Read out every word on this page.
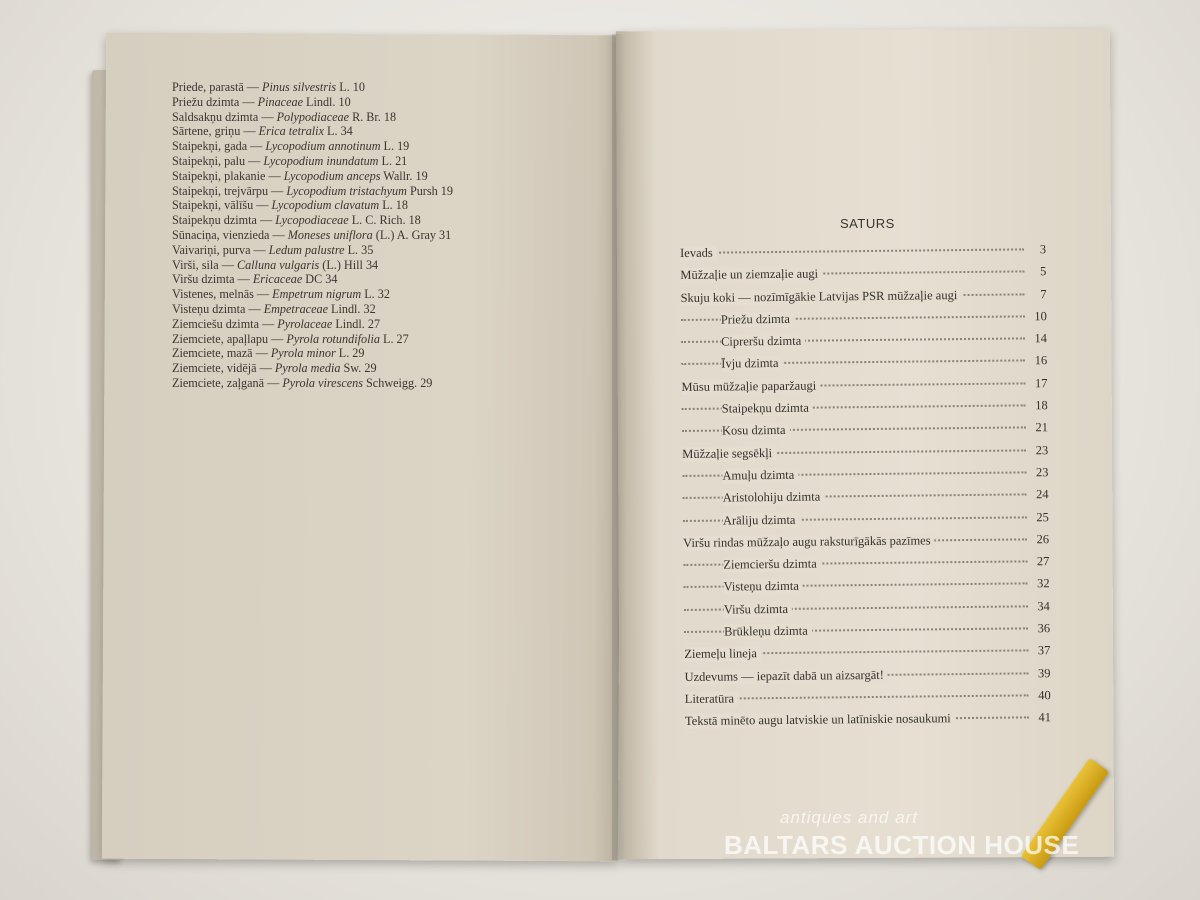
Priede, parastā — Pinus silvestris L. 10
Priežu dzimta — Pinaceae Lindl. 10
Saldsakņu dzimta — Polypodiaceae R. Br. 18
Sārtene, griņu — Erica tetralix L. 34
Staipekņi, gada — Lycopodium annotinum L. 19
Staipekņi, palu — Lycopodium inundatum L. 21
Staipekņi, plakanie — Lycopodium anceps Wallr. 19
Staipekņi, trejvārpu — Lycopodium tristachyum Pursh 19
Staipekņi, vālīšu — Lycopodium clavatum L. 18
Staipekņu dzimta — Lycopodiaceae L. C. Rich. 18
Sūnaciņa, vienzieda — Moneses uniflora (L.) A. Gray 31
Vaivariņi, purva — Ledum palustre L. 35
Virši, sila — Calluna vulgaris (L.) Hill 34
Viršu dzimta — Ericaceae DC 34
Vistenes, melnās — Empetrum nigrum L. 32
Visteņu dzimta — Empetraceae Lindl. 32
Ziemciešu dzimta — Pyrolaceae Lindl. 27
Ziemciete, apaļlapu — Pyrola rotundifolia L. 27
Ziemciete, mazā — Pyrola minor L. 29
Ziemciete, vidējā — Pyrola media Sw. 29
Ziemciete, zaļganā — Pyrola virescens Schweigg. 29
SATURS
Ievads	3
Mūžzaļie un ziemzaļie augi	5
Skuju koki — nozīmīgākie Latvijas PSR mūžzaļie augi	7
Priežu dzimta	10
Cipreršu dzimta	14
Īvju dzimta	16
Mūsu mūžzaļie paparžaugi	17
Staipekņu dzimta	18
Kosu dzimta	21
Mūžzaļie segsēkļi	23
Amuļu dzimta	23
Aristolohiju dzimta	24
Arāliju dzimta	25
Viršu rindas mūžzaļo augu raksturīgākās pazīmes	26
Ziemcieršu dzimta	27
Visteņu dzimta	32
Viršu dzimta	34
Brūkleņu dzimta	36
Ziemeļu lineja	37
Uzdevums — iepazīt dabā un aizsargāt!	39
Literatūra	40
Tekstā minēto augu latviskie un latīniskie nosaukumi	41
antiques and art
BALTARS AUCTION HOUSE
